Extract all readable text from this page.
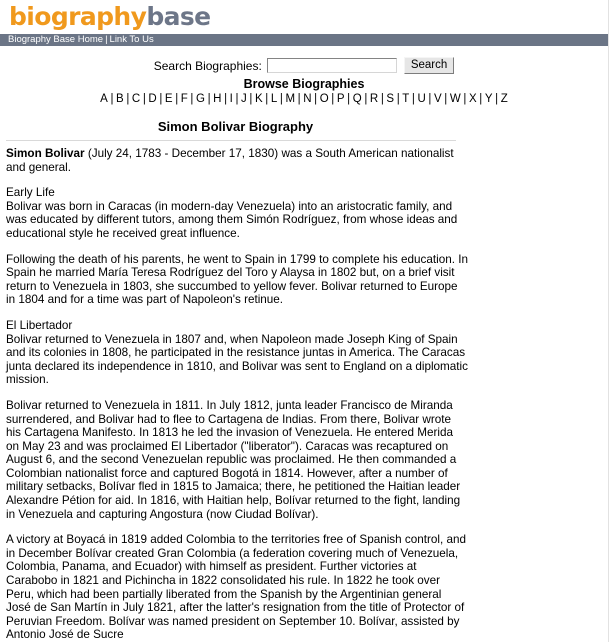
biographybase
Biography Base Home | Link To Us
Search Biographies:	Search
Browse Biographies
A | B | C | D | E | F | G | H | I | J | K | L | M | N | O | P | Q | R | S | T | U | V | W | X | Y | Z
Simon Bolivar Biography

Simon Bolivar (July 24, 1783 - December 17, 1830) was a South American nationalist and general.

Early Life
Bolivar was born in Caracas (in modern-day Venezuela) into an aristocratic family, and was educated by different tutors, among them Simón Rodríguez, from whose ideas and educational style he received great influence.

Following the death of his parents, he went to Spain in 1799 to complete his education. In Spain he married María Teresa Rodríguez del Toro y Alaysa in 1802 but, on a brief visit return to Venezuela in 1803, she succumbed to yellow fever. Bolivar returned to Europe in 1804 and for a time was part of Napoleon's retinue.

El Libertador
Bolivar returned to Venezuela in 1807 and, when Napoleon made Joseph King of Spain and its colonies in 1808, he participated in the resistance juntas in America. The Caracas junta declared its independence in 1810, and Bolivar was sent to England on a diplomatic mission.

Bolivar returned to Venezuela in 1811. In July 1812, junta leader Francisco de Miranda surrendered, and Bolivar had to flee to Cartagena de Indias. From there, Bolivar wrote his Cartagena Manifesto. In 1813 he led the invasion of Venezuela. He entered Merida on May 23 and was proclaimed El Libertador ("liberator"). Caracas was recaptured on August 6, and the second Venezuelan republic was proclaimed. He then commanded a Colombian nationalist force and captured Bogotá in 1814. However, after a number of military setbacks, Bolívar fled in 1815 to Jamaica; there, he petitioned the Haitian leader Alexandre Pétion for aid. In 1816, with Haitian help, Bolívar returned to the fight, landing in Venezuela and capturing Angostura (now Ciudad Bolívar).

A victory at Boyacá in 1819 added Colombia to the territories free of Spanish control, and in December Bolívar created Gran Colombia (a federation covering much of Venezuela, Colombia, Panama, and Ecuador) with himself as president. Further victories at Carabobo in 1821 and Pichincha in 1822 consolidated his rule. In 1822 he took over Peru, which had been partially liberated from the Spanish by the Argentinian general José de San Martín in July 1821, after the latter's resignation from the title of Protector of Peruvian Freedom. Bolívar was named president on September 10. Bolívar, assisted by Antonio José de Sucre
